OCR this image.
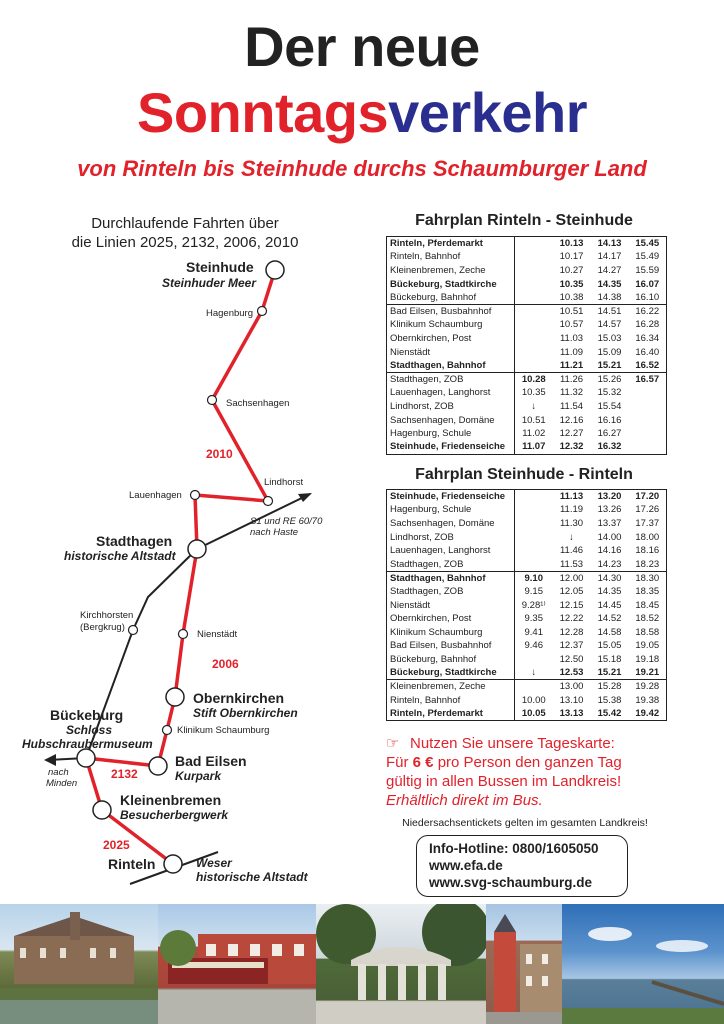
Der neue
Sonntagsverkehr
von Rinteln bis Steinhude durchs Schaumburger Land
Durchlaufende Fahrten über
die Linien 2025, 2132, 2006, 2010
Steinhude
Steinhuder Meer
Hagenburg
Sachsenhagen
2010
Lindhorst
Lauenhagen
S1 und RE 60/70
nach Haste
Stadthagen
historische Altstadt
Kirchhorsten
(Bergkrug)
Nienstädt
2006
Obernkirchen
Stift Obernkirchen
Bückeburg
Schloss
Hubschraubermuseum
Klinikum Schaumburg
Bad Eilsen
Kurpark
nach
Minden
2132
Kleinenbremen
Besucherbergwerk
2025
Rinteln	Weser
historische Altstadt
Fahrplan Rinteln - Steinhude
Rinteln, Pferdemarkt		10.13	14.13	15.45
Rinteln, Bahnhof		10.17	14.17	15.49
Kleinenbremen, Zeche		10.27	14.27	15.59
Bückeburg, Stadtkirche		10.35	14.35	16.07
Bückeburg, Bahnhof		10.38	14.38	16.10
Bad Eilsen, Busbahnhof		10.51	14.51	16.22
Klinikum Schaumburg		10.57	14.57	16.28
Obernkirchen, Post		11.03	15.03	16.34
Nienstädt		11.09	15.09	16.40
Stadthagen, Bahnhof		11.21	15.21	16.52
Stadthagen, ZOB	10.28	11.26	15.26	16.57
Lauenhagen, Langhorst	10.35	11.32	15.32	
Lindhorst, ZOB	↓	11.54	15.54	
Sachsenhagen, Domäne	10.51	12.16	16.16	
Hagenburg, Schule	11.02	12.27	16.27	
Steinhude, Friedenseiche	11.07	12.32	16.32	
Fahrplan Steinhude - Rinteln
Steinhude, Friedenseiche		11.13	13.20	17.20
Hagenburg, Schule		11.19	13.26	17.26
Sachsenhagen, Domäne		11.30	13.37	17.37
Lindhorst, ZOB		↓	14.00	18.00
Lauenhagen, Langhorst		11.46	14.16	18.16
Stadthagen, ZOB		11.53	14.23	18.23
Stadthagen, Bahnhof	9.10	12.00	14.30	18.30
Stadthagen, ZOB	9.15	12.05	14.35	18.35
Nienstädt	9.28¹⁾	12.15	14.45	18.45
Obernkirchen, Post	9.35	12.22	14.52	18.52
Klinikum Schaumburg	9.41	12.28	14.58	18.58
Bad Eilsen, Busbahnhof	9.46	12.37	15.05	19.05
Bückeburg, Bahnhof		12.50	15.18	19.18
Bückeburg, Stadtkirche	↓	12.53	15.21	19.21
Kleinenbremen, Zeche		13.00	15.28	19.28
Rinteln, Bahnhof	10.00	13.10	15.38	19.38
Rinteln, Pferdemarkt	10.05	13.13	15.42	19.42
☞ Nutzen Sie unsere Tageskarte:
Für 6 € pro Person den ganzen Tag
gültig in allen Bussen im Landkreis!
Erhältlich direkt im Bus.
Niedersachsentickets gelten im gesamten Landkreis!
Info-Hotline: 0800/1605050
www.efa.de
www.svg-schaumburg.de
